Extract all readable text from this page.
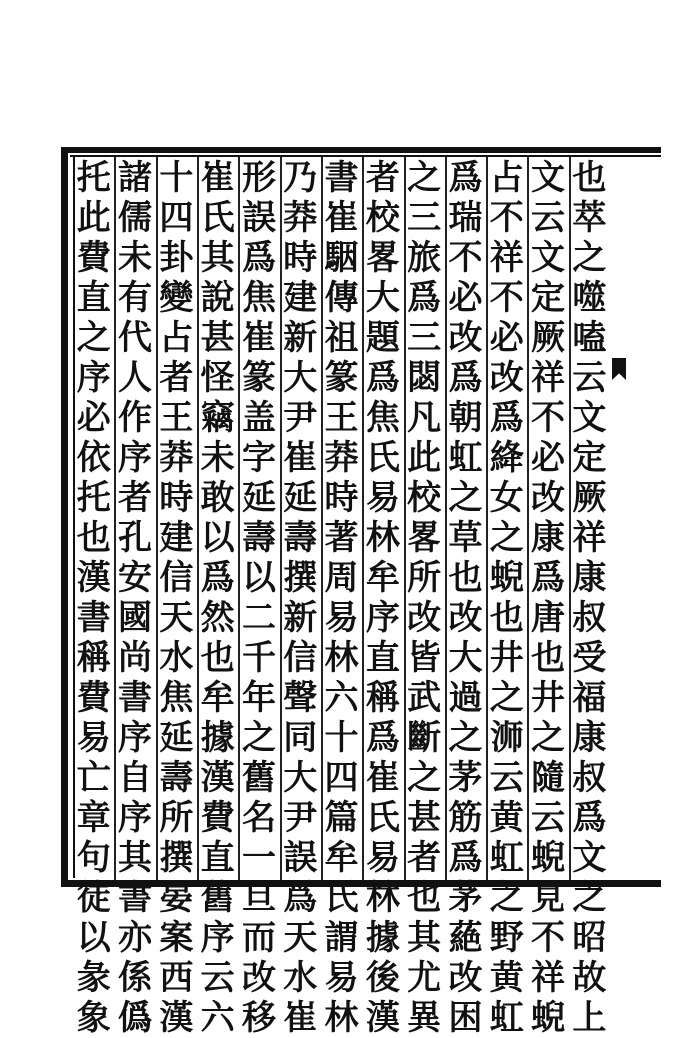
也
萃
之
噬
嗑
云
文
定
厥
祥
康
叔
受
福
康
叔
爲
文
之
昭
故
上
文
云
文
定
厥
祥
不
必
改
康
爲
唐
也
井
之
隨
云
蜺
見
不
祥
蜺
占
不
祥
不
必
改
爲
絳
女
之
蜺
也
井
之
浉
云
黄
虹
之
野
黄
虹
爲
瑞
不
必
改
爲
朝
虹
之
草
也
改
大
過
之
茅
筋
爲
茅
蕝
改
困
之
三
旅
爲
三
閟
凡
此
校
畧
所
改
皆
武
斷
之
甚
者
也
其
尤
異
者
校
畧
大
題
爲
焦
氏
易
林
牟
序
直
稱
爲
崔
氏
易
林
據
後
漢
書
崔
駰
傳
祖
篆
王
莽
時
著
周
易
林
六
十
四
篇
牟
氏
謂
易
林
乃
莽
時
建
新
大
尹
崔
延
壽
撰
新
信
聲
同
大
尹
誤
爲
天
水
崔
形
誤
爲
焦
崔
篆
盖
字
延
壽
以
二
千
年
之
舊
名
一
旦
而
改
移
崔
氏
其
說
甚
怪
竊
未
敢
以
爲
然
也
牟
據
漢
費
直
舊
序
云
六
十
四
卦
變
占
者
王
莽
時
建
信
天
水
焦
延
壽
所
撰
晏
案
西
漢
諸
儒
未
有
代
人
作
序
者
孔
安
國
尚
書
序
自
序
其
書
亦
係
僞
托
此
費
直
之
序
必
依
托
也
漢
書
稱
費
易
亡
章
句
徒
以
彖
象
